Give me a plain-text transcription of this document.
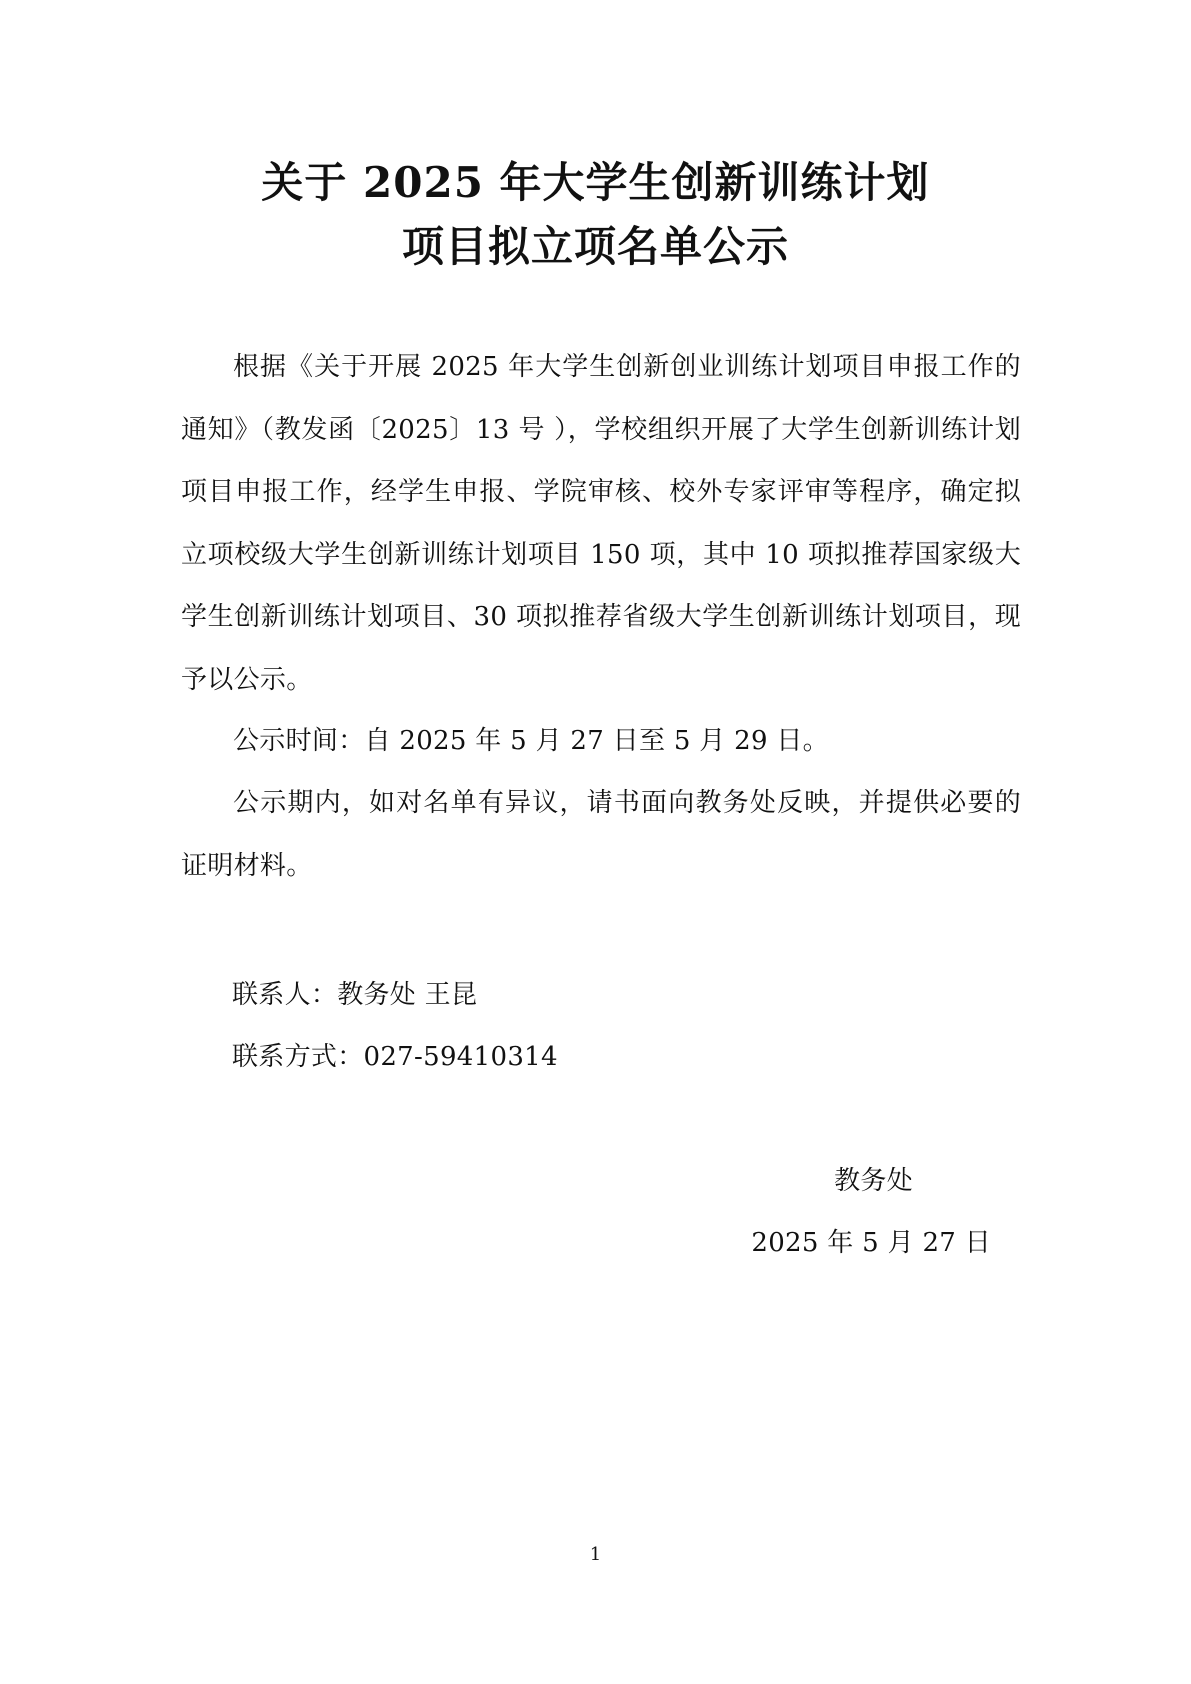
关于 2025 年大学生创新训练计划
项目拟立项名单公示

根据《关于开展 2025 年大学生创新创业训练计划项目申报工作的通知》（教发函〔2025〕13 号 ），学校组织开展了大学生创新训练计划项目申报工作，经学生申报、学院审核、校外专家评审等程序，确定拟立项校级大学生创新训练计划项目 150 项，其中 10 项拟推荐国家级大学生创新训练计划项目、30 项拟推荐省级大学生创新训练计划项目，现予以公示。

公示时间：自 2025 年 5 月 27 日至 5 月 29 日。

公示期内，如对名单有异议，请书面向教务处反映，并提供必要的证明材料。

联系人：教务处 王昆
联系方式：027-59410314
教务处
2025 年 5 月 27 日
1
